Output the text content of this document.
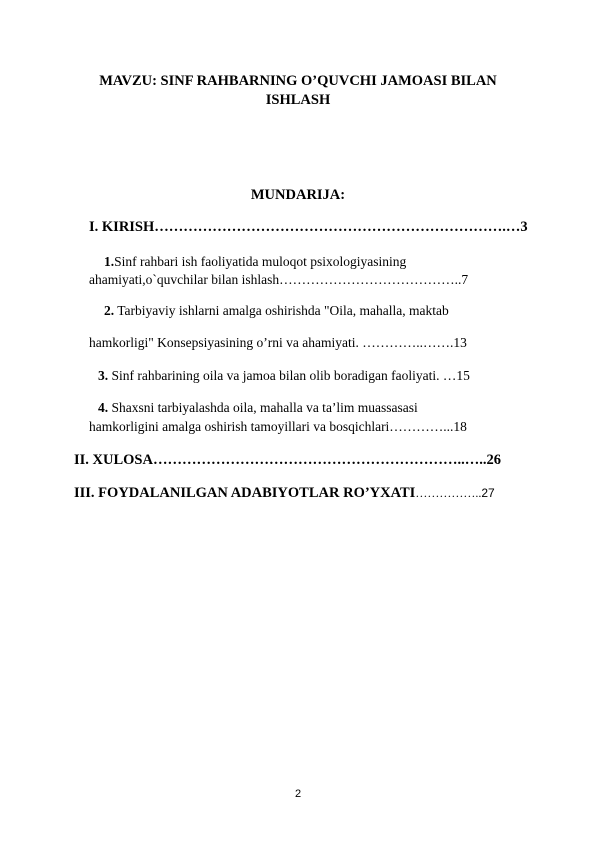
MAVZU: SINF RAHBARNING O’QUVCHI JAMOASI BILAN
ISHLASH
MUNDARIJA:
I. KIRISH……………………………………………………………….…3
1.Sinf rahbari ish faoliyatida muloqot psixologiyasining
ahamiyati,o`quvchilar bilan ishlash…………………………………..7
2. Tarbiyaviy ishlarni amalga oshirishda "Oila, mahalla, maktab
hamkorligi" Konsepsiyasining o’rni va ahamiyati. …………..…….13
3. Sinf rahbarining oila va jamoa bilan olib boradigan faoliyati. …15
4. Shaxsni tarbiyalashda oila, mahalla va ta’lim muassasasi
hamkorligini amalga oshirish tamoyillari va bosqichlari…………...18
II. XULOSA………………………………………………………..…..26
III. FOYDALANILGAN ADABIYOTLAR RO’YXATI……………..27
2
